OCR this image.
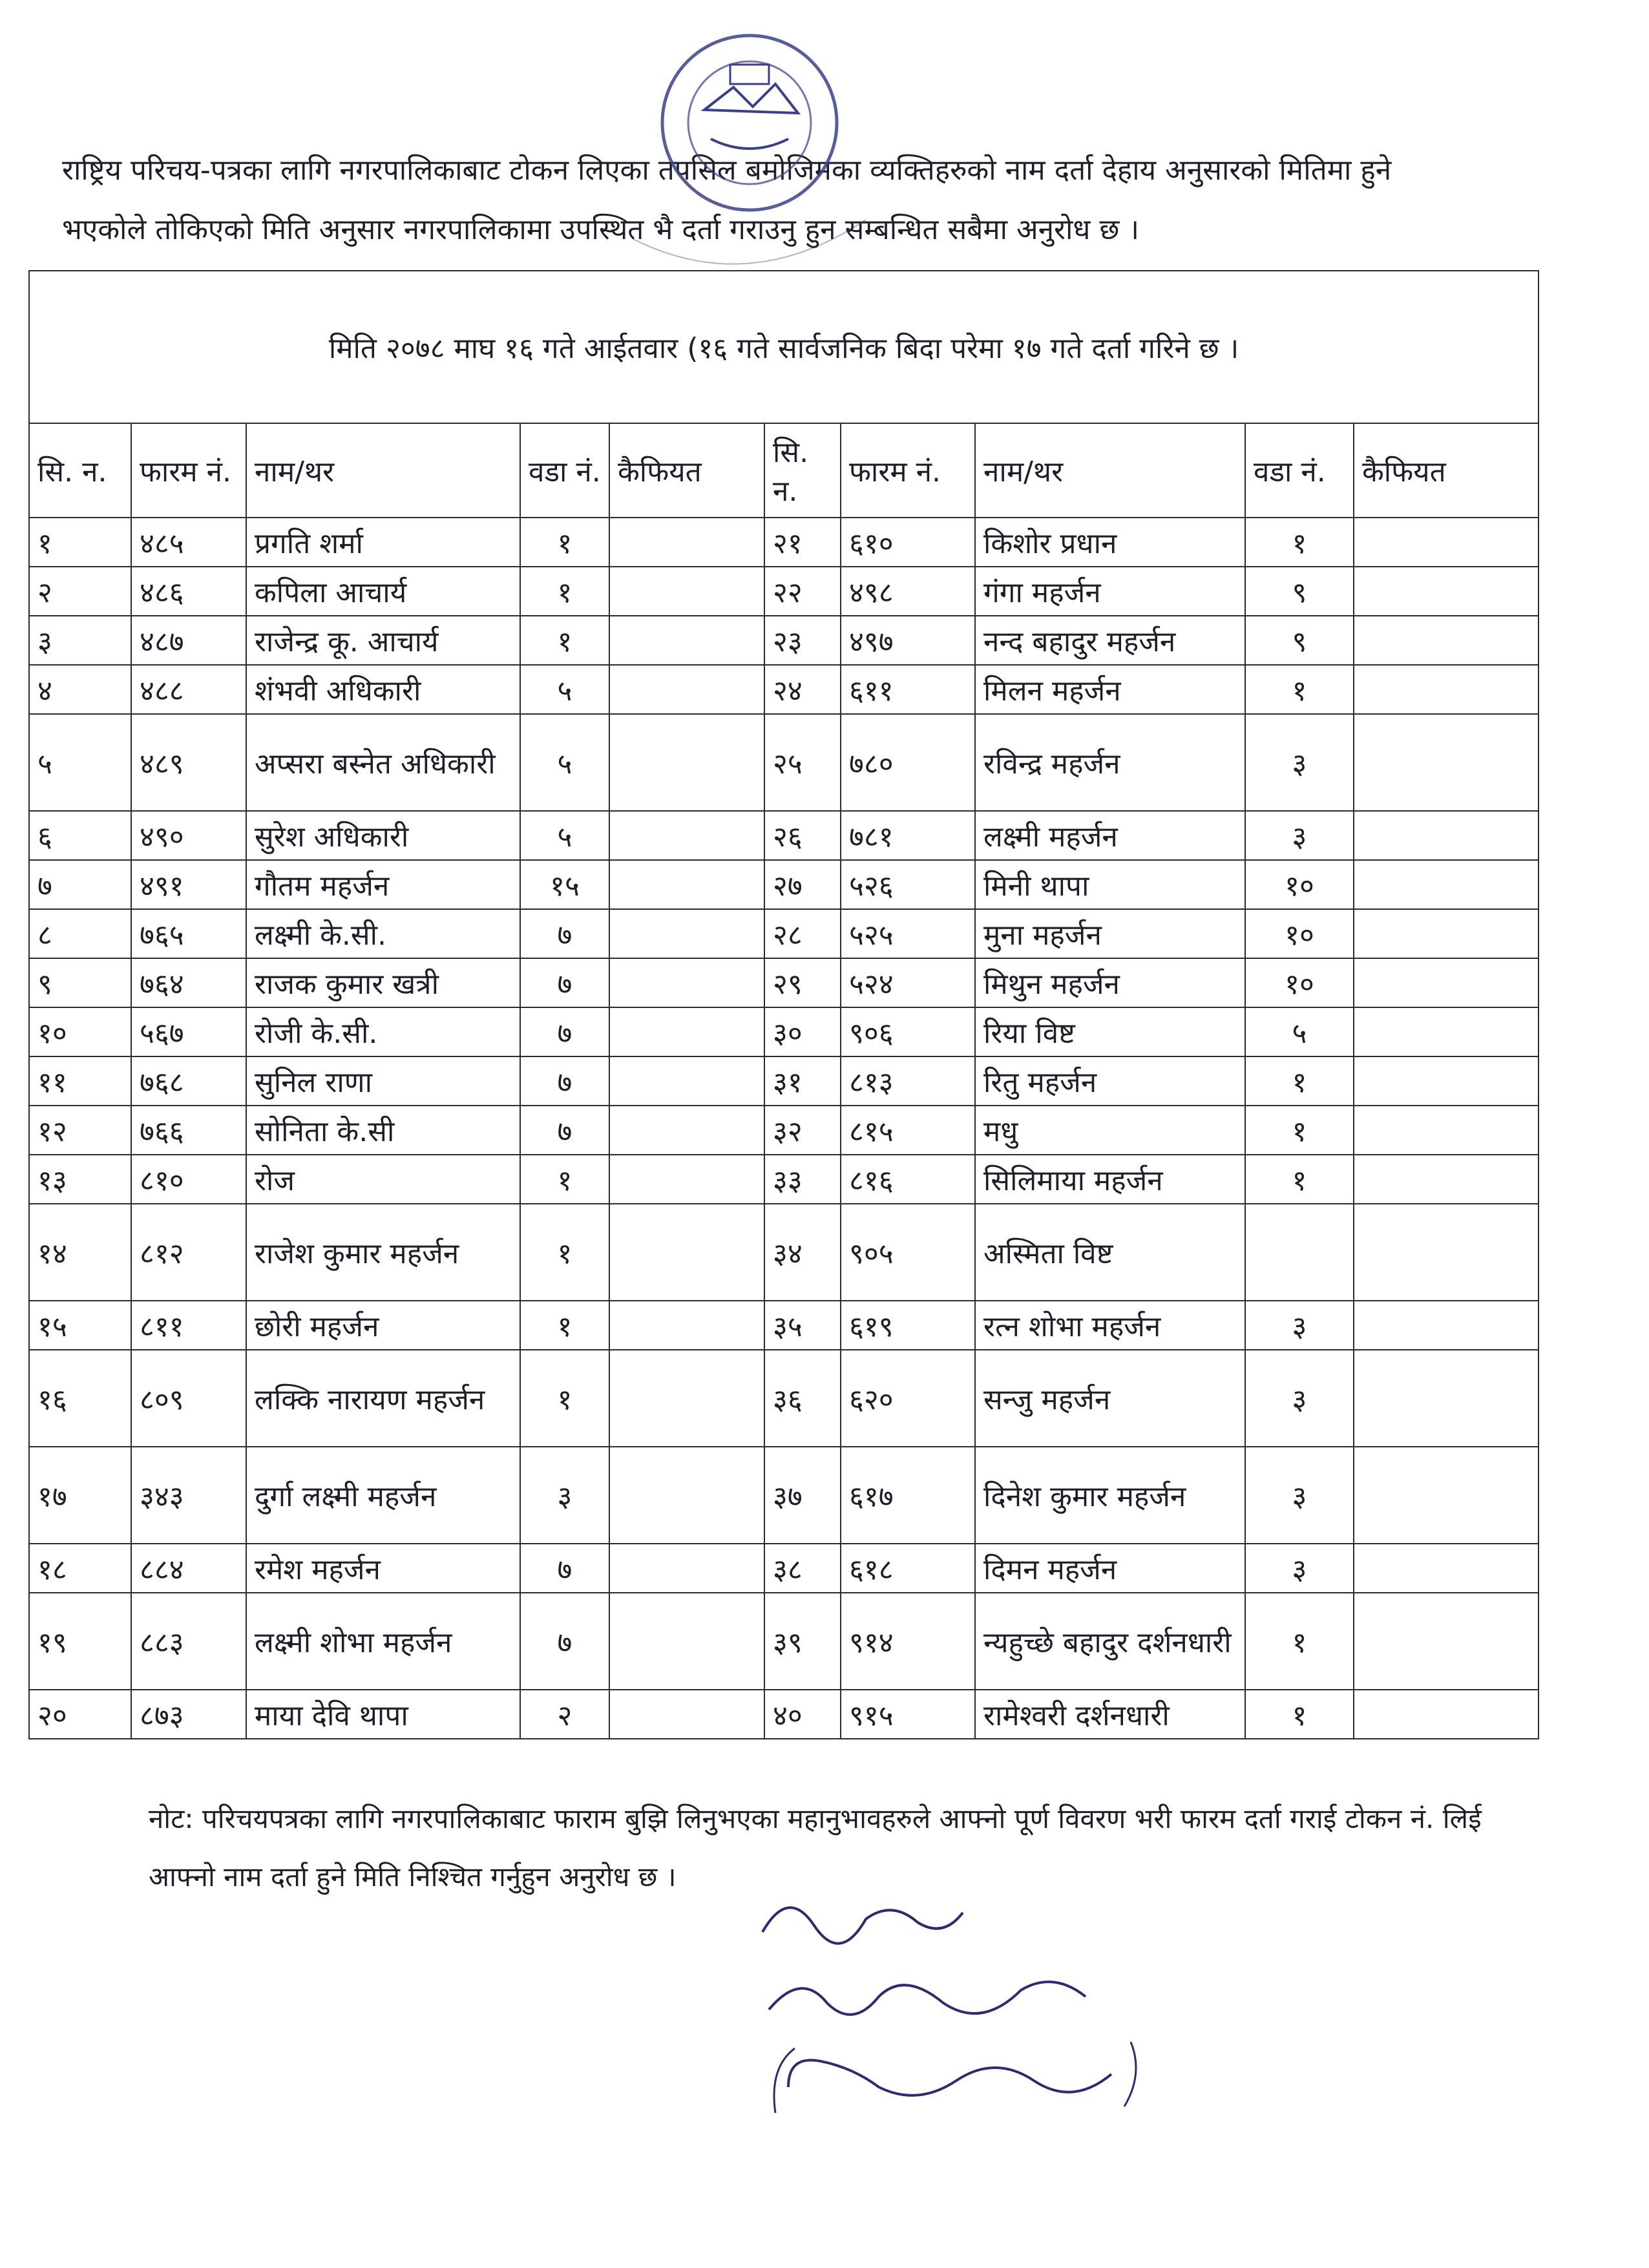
राष्ट्रिय परिचय-पत्रका लागि नगरपालिकाबाट टोकन लिएका तपसिल बमोजिमका व्यक्तिहरुको नाम दर्ता देहाय अनुसारको मितिमा हुने भएकोले तोकिएको मिति अनुसार नगरपालिकामा उपस्थित भै दर्ता गराउनु हुन सम्बन्धित सबैमा अनुरोध छ ।
मिति २०७८ माघ १६ गते आईतवार (१६ गते सार्वजनिक बिदा परेमा १७ गते दर्ता गरिने छ ।									
सि. न.	फारम नं.	नाम/थर	वडा नं.	कैफियत	सि. न.	फारम नं.	नाम/थर	वडा नं.	कैफियत
१	४८५	प्रगति शर्मा	१		२१	६१०	किशोर प्रधान	१	
२	४८६	कपिला आचार्य	१		२२	४९८	गंगा महर्जन	९	
३	४८७	राजेन्द्र कू. आचार्य	१		२३	४९७	नन्द बहादुर महर्जन	९	
४	४८८	शंभवी अधिकारी	५		२४	६११	मिलन महर्जन	१	
५	४८९	अप्सरा बस्नेत अधिकारी	५		२५	७८०	रविन्द्र महर्जन	३	
६	४९०	सुरेश अधिकारी	५		२६	७८१	लक्ष्मी महर्जन	३	
७	४९१	गौतम महर्जन	१५		२७	५२६	मिनी थापा	१०	
८	७६५	लक्ष्मी के.सी.	७		२८	५२५	मुना महर्जन	१०	
९	७६४	राजक कुमार खत्री	७		२९	५२४	मिथुन महर्जन	१०	
१०	५६७	रोजी के.सी.	७		३०	९०६	रिया विष्ट	५	
११	७६८	सुनिल राणा	७		३१	८१३	रितु महर्जन	१	
१२	७६६	सोनिता के.सी	७		३२	८१५	मधु	१	
१३	८१०	रोज	१		३३	८१६	सिलिमाया महर्जन	१	
१४	८१२	राजेश कुमार महर्जन	१		३४	९०५	अस्मिता विष्ट		
१५	८११	छोरी महर्जन	१		३५	६१९	रत्न शोभा महर्जन	३	
१६	८०९	लक्कि नारायण महर्जन	१		३६	६२०	सन्जु महर्जन	३	
१७	३४३	दुर्गा लक्ष्मी महर्जन	३		३७	६१७	दिनेश कुमार महर्जन	३	
१८	८८४	रमेश महर्जन	७		३८	६१८	दिमन महर्जन	३	
१९	८८३	लक्ष्मी शोभा महर्जन	७		३९	९१४	न्यहुच्छे बहादुर दर्शनधारी	१	
२०	८७३	माया देवि थापा	२		४०	९१५	रामेश्वरी दर्शनधारी	१	
नोट: परिचयपत्रका लागि नगरपालिकाबाट फाराम बुझि लिनुभएका महानुभावहरुले आफ्नो पूर्ण विवरण भरी फारम दर्ता गराई टोकन नं. लिई आफ्नो नाम दर्ता हुने मिति निश्चित गर्नुहुन अनुरोध छ ।
